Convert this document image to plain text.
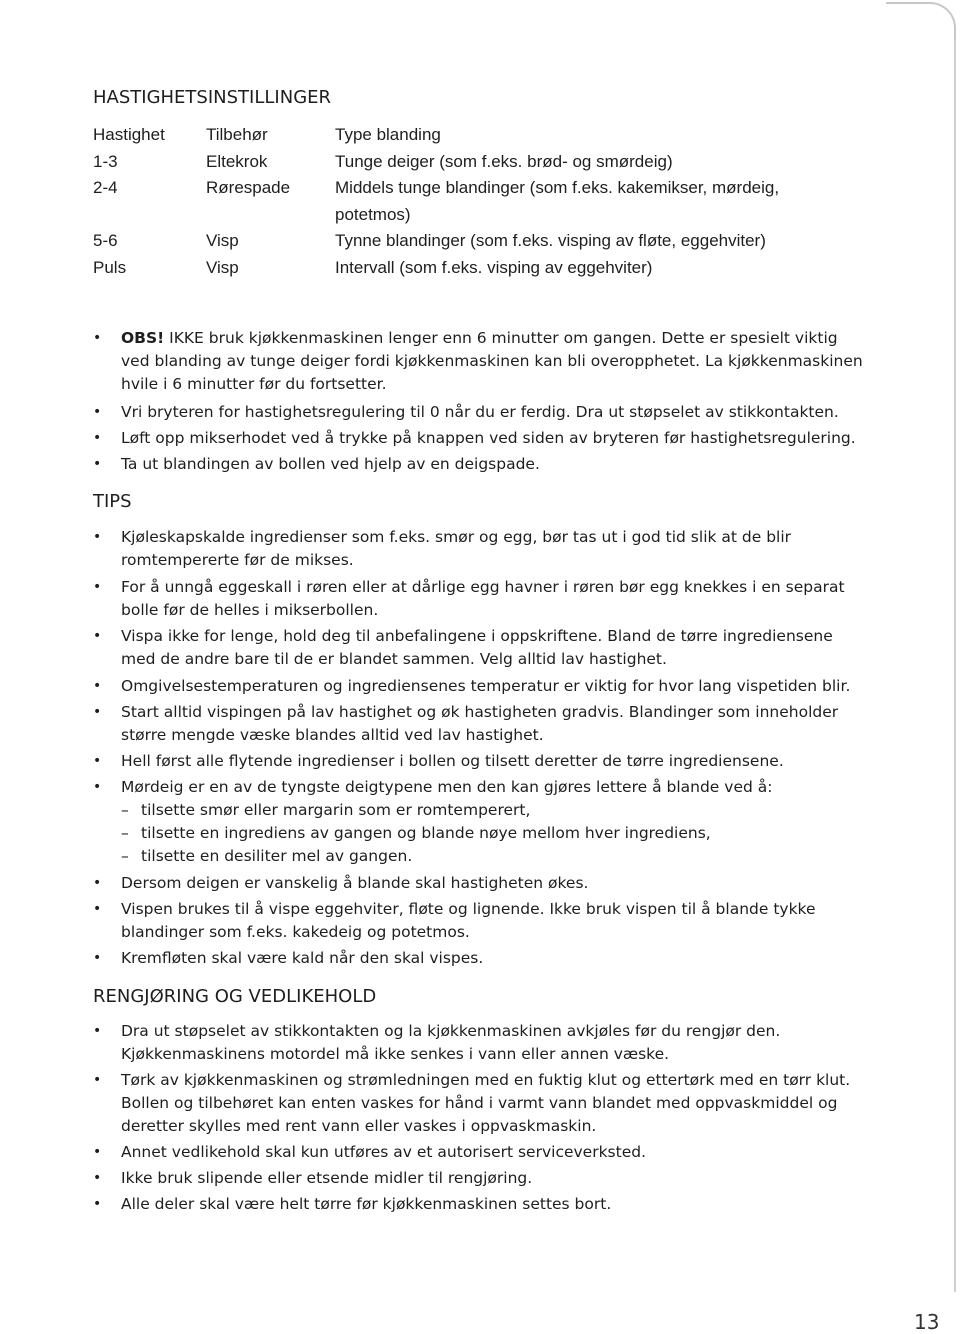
HASTIGHETSINSTILLINGER
Hastighet	Tilbehør	Type blanding
1-3	Eltekrok	Tunge deiger (som f.eks. brød- og smørdeig)
2-4	Rørespade	Middels tunge blandinger (som f.eks. kakemikser, mørdeig,
potetmos)
5-6	Visp	Tynne blandinger (som f.eks. visping av fløte, eggehviter)
Puls	Visp	Intervall (som f.eks. visping av eggehviter)
• OBS! IKKE bruk kjøkkenmaskinen lenger enn 6 minutter om gangen. Dette er spesielt viktig
ved blanding av tunge deiger fordi kjøkkenmaskinen kan bli overopphetet. La kjøkkenmaskinen
hvile i 6 minutter før du fortsetter.
• Vri bryteren for hastighetsregulering til 0 når du er ferdig. Dra ut støpselet av stikkontakten.
• Løft opp mikserhodet ved å trykke på knappen ved siden av bryteren før hastighetsregulering.
• Ta ut blandingen av bollen ved hjelp av en deigspade.
TIPS
• Kjøleskapskalde ingredienser som f.eks. smør og egg, bør tas ut i god tid slik at de blir
romtempererte før de mikses.
• For å unngå eggeskall i røren eller at dårlige egg havner i røren bør egg knekkes i en separat
bolle før de helles i mikserbollen.
• Vispa ikke for lenge, hold deg til anbefalingene i oppskriftene. Bland de tørre ingrediensene
med de andre bare til de er blandet sammen. Velg alltid lav hastighet.
• Omgivelsestemperaturen og ingrediensenes temperatur er viktig for hvor lang vispetiden blir.
• Start alltid vispingen på lav hastighet og øk hastigheten gradvis. Blandinger som inneholder
større mengde væske blandes alltid ved lav hastighet.
• Hell først alle flytende ingredienser i bollen og tilsett deretter de tørre ingrediensene.
• Mørdeig er en av de tyngste deigtypene men den kan gjøres lettere å blande ved å:
• Dersom deigen er vanskelig å blande skal hastigheten økes.
• Vispen brukes til å vispe eggehviter, fløte og lignende. Ikke bruk vispen til å blande tykke
blandinger som f.eks. kakedeig og potetmos.
• Kremfløten skal være kald når den skal vispes.
– tilsette smør eller margarin som er romtemperert,
– tilsette en ingrediens av gangen og blande nøye mellom hver ingrediens,
– tilsette en desiliter mel av gangen.
RENGJØRING OG VEDLIKEHOLD
• Dra ut støpselet av stikkontakten og la kjøkkenmaskinen avkjøles før du rengjør den.
Kjøkkenmaskinens motordel må ikke senkes i vann eller annen væske.
• Tørk av kjøkkenmaskinen og strømledningen med en fuktig klut og ettertørk med en tørr klut.
Bollen og tilbehøret kan enten vaskes for hånd i varmt vann blandet med oppvaskmiddel og
deretter skylles med rent vann eller vaskes i oppvaskmaskin.
• Annet vedlikehold skal kun utføres av et autorisert serviceverksted.
• Ikke bruk slipende eller etsende midler til rengjøring.
• Alle deler skal være helt tørre før kjøkkenmaskinen settes bort.
13
